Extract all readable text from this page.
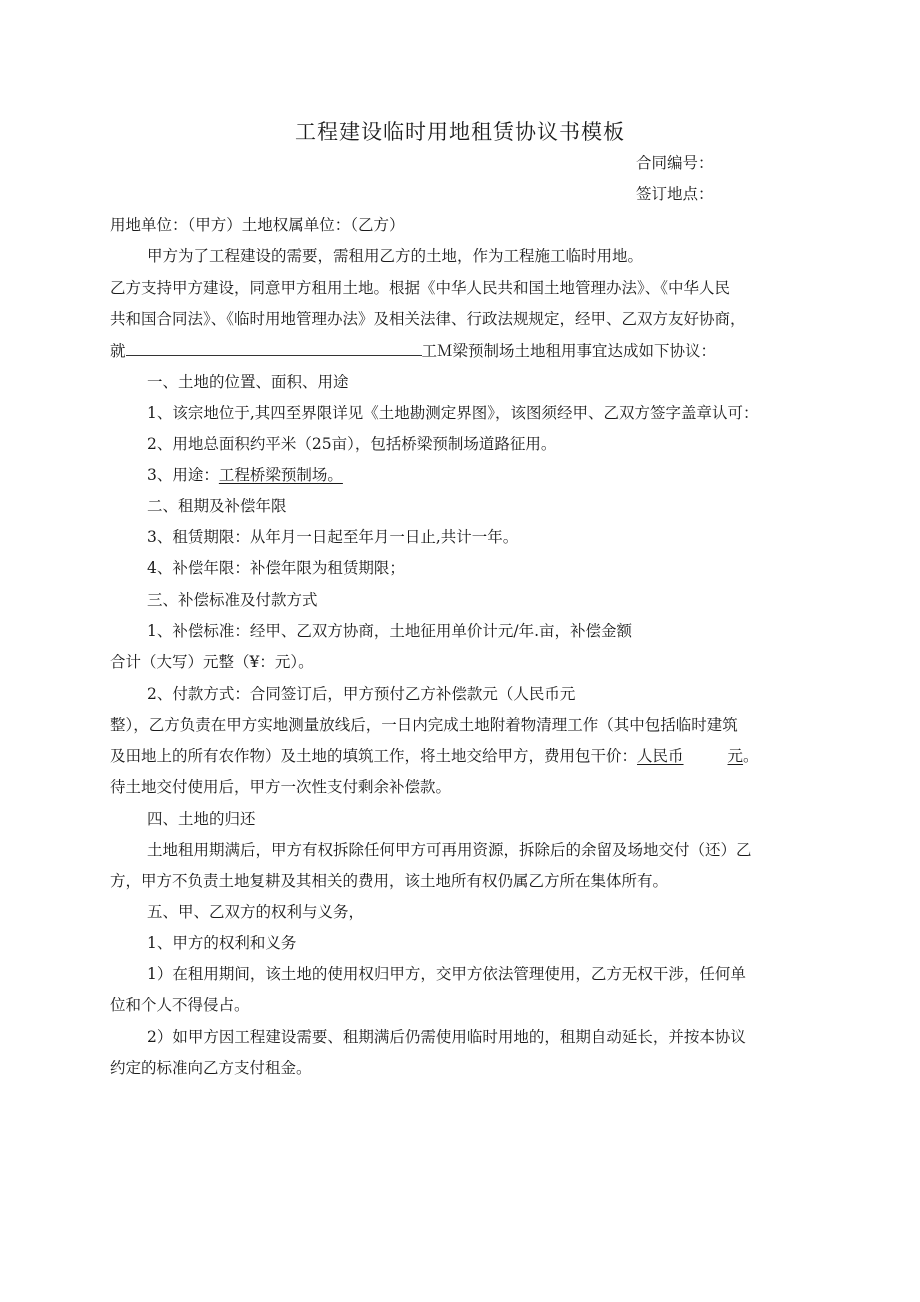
工程建设临时用地租赁协议书模板
合同编号：
签订地点：
用地单位：（甲方）土地权属单位：（乙方）
甲方为了工程建设的需要，需租用乙方的土地，作为工程施工临时用地。
乙方支持甲方建设，同意甲方租用土地。根据《中华人民共和国土地管理办法》、《中华人民
共和国合同法》、《临时用地管理办法》及相关法律、行政法规规定，经甲、乙双方友好协商，
就	工Ｍ梁预制场土地租用事宜达成如下协议：
一、土地的位置、面积、用途
1、该宗地位于,其四至界限详见《土地勘测定界图》，该图须经甲、乙双方签字盖章认可：
2、用地总面积约平米（25亩），包括桥梁预制场道路征用。
3、用途：工程桥梁预制场。
二、租期及补偿年限
3、租赁期限：从年月一日起至年月一日止,共计一年。
4、补偿年限：补偿年限为租赁期限；
三、补偿标准及付款方式
1、补偿标准：经甲、乙双方协商，土地征用单价计元/年.亩，补偿金额
合计（大写）元整（¥：元）。
2、付款方式：合同签订后，甲方预付乙方补偿款元（人民币元
整），乙方负责在甲方实地测量放线后，一日内完成土地附着物清理工作（其中包括临时建筑
及田地上的所有农作物）及土地的填筑工作，将土地交给甲方，费用包干价：人民币	元。
待土地交付使用后，甲方一次性支付剩余补偿款。
四、土地的归还
土地租用期满后，甲方有权拆除任何甲方可再用资源，拆除后的余留及场地交付（还）乙
方，甲方不负责土地复耕及其相关的费用，该土地所有权仍属乙方所在集体所有。
五、甲、乙双方的权利与义务，
1、甲方的权利和义务
1）在租用期间，该土地的使用权归甲方，交甲方依法管理使用，乙方无权干涉，任何单
位和个人不得侵占。
2）如甲方因工程建设需要、租期满后仍需使用临时用地的，租期自动延长，并按本协议
约定的标准向乙方支付租金。
